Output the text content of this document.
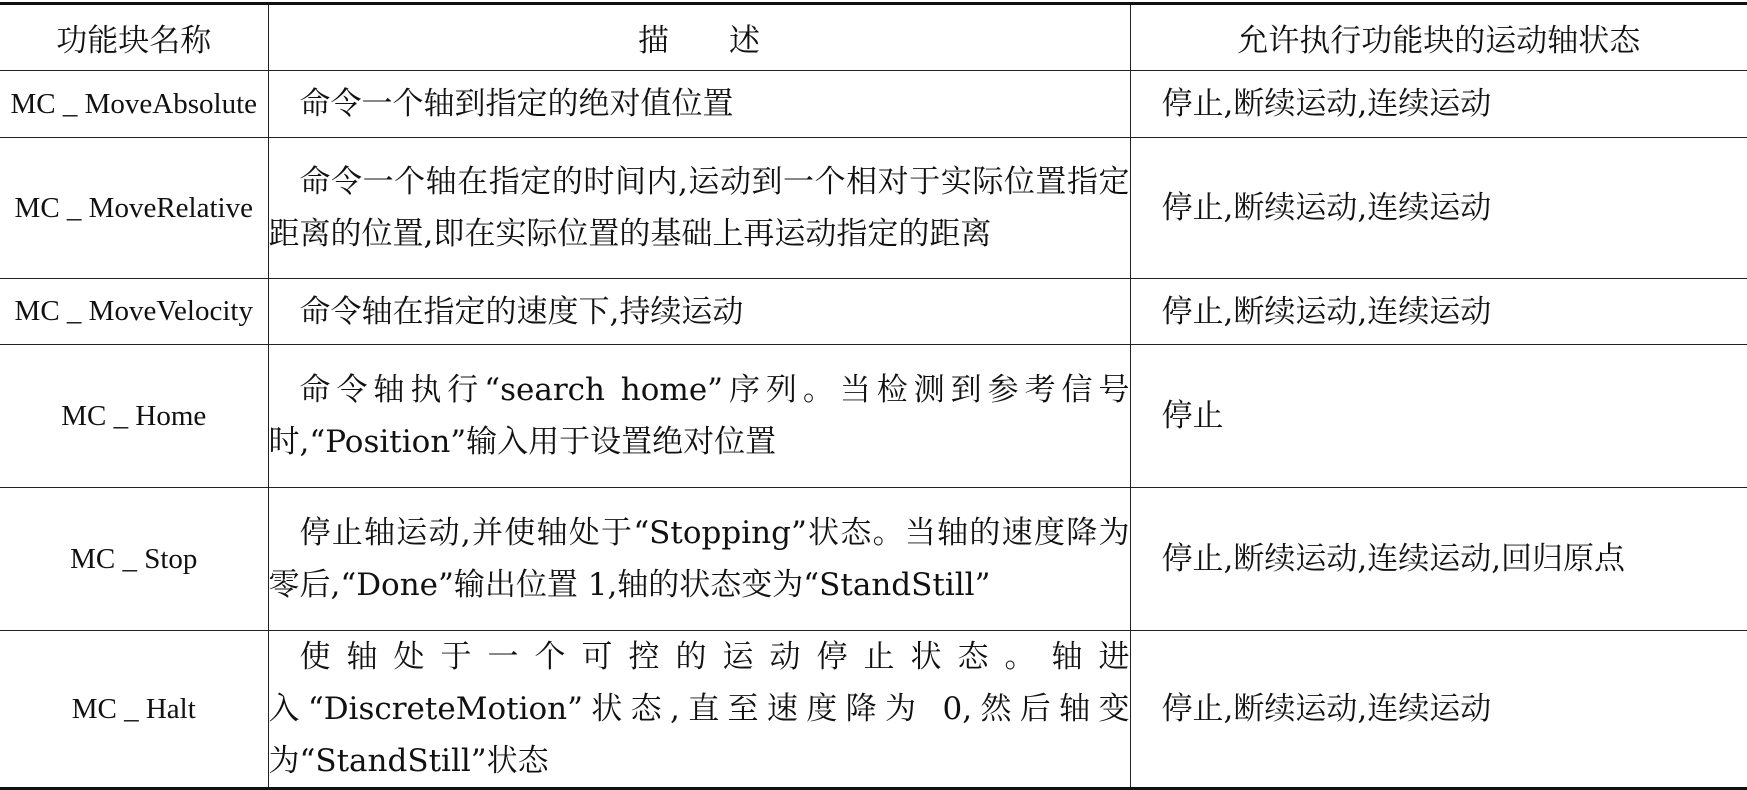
功能块名称	描述	允许执行功能块的运动轴状态
MC _ MoveAbsolute	命令一个轴到指定的绝对值位置	停止,断续运动,连续运动
MC _ MoveRelative	命令一个轴在指定的时间内,运动到一个相对于实际位置指定距离的位置,即在实际位置的基础上再运动指定的距离	停止,断续运动,连续运动
MC _ MoveVelocity	命令轴在指定的速度下,持续运动	停止,断续运动,连续运动
MC _ Home	命令轴执行“search home”序列。当检测到参考信号时,“Position”输入用于设置绝对位置	停止
MC _ Stop	停止轴运动,并使轴处于“Stopping”状态。当轴的速度降为零后,“Done”输出位置 1,轴的状态变为“StandStill”	停止,断续运动,连续运动,回归原点
MC _ Halt	使轴处于一个可控的运动停止状态。轴进入“DiscreteMotion”状态,直至速度降为 0,然后轴变为“StandStill”状态	停止,断续运动,连续运动
